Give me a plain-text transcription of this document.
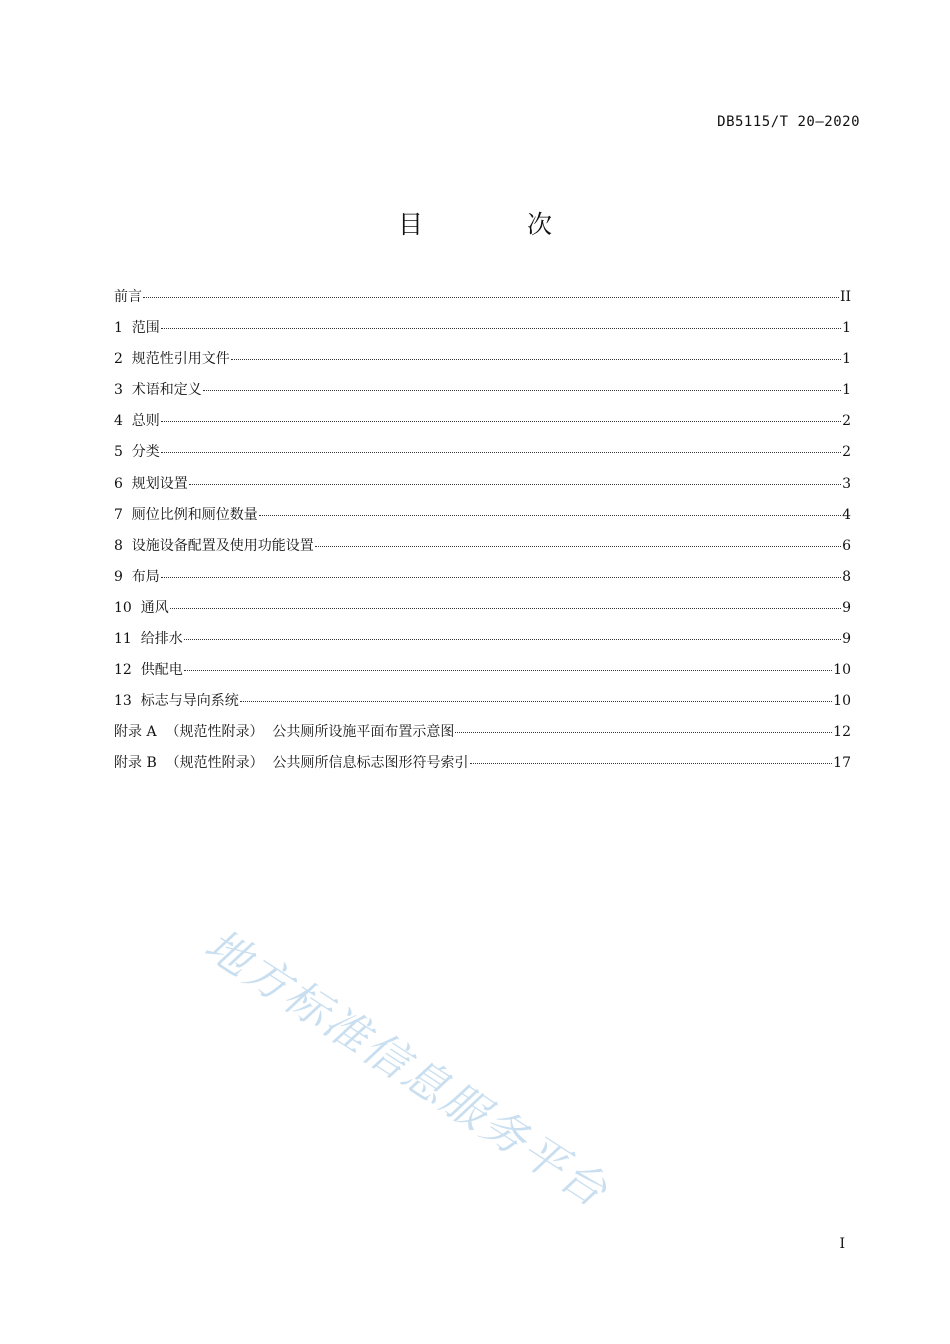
DB5115/T 20—2020
目 次
前言	II
1  范围	1
2  规范性引用文件	1
3  术语和定义	1
4  总则	2
5  分类	2
6  规划设置	3
7  厕位比例和厕位数量	4
8  设施设备配置及使用功能设置	6
9  布局	8
10  通风	9
11  给排水	9
12  供配电	10
13  标志与导向系统	10
附录 A  （规范性附录）  公共厕所设施平面布置示意图	12
附录 B  （规范性附录）  公共厕所信息标志图形符号索引	17
地方标准信息服务平台
I
